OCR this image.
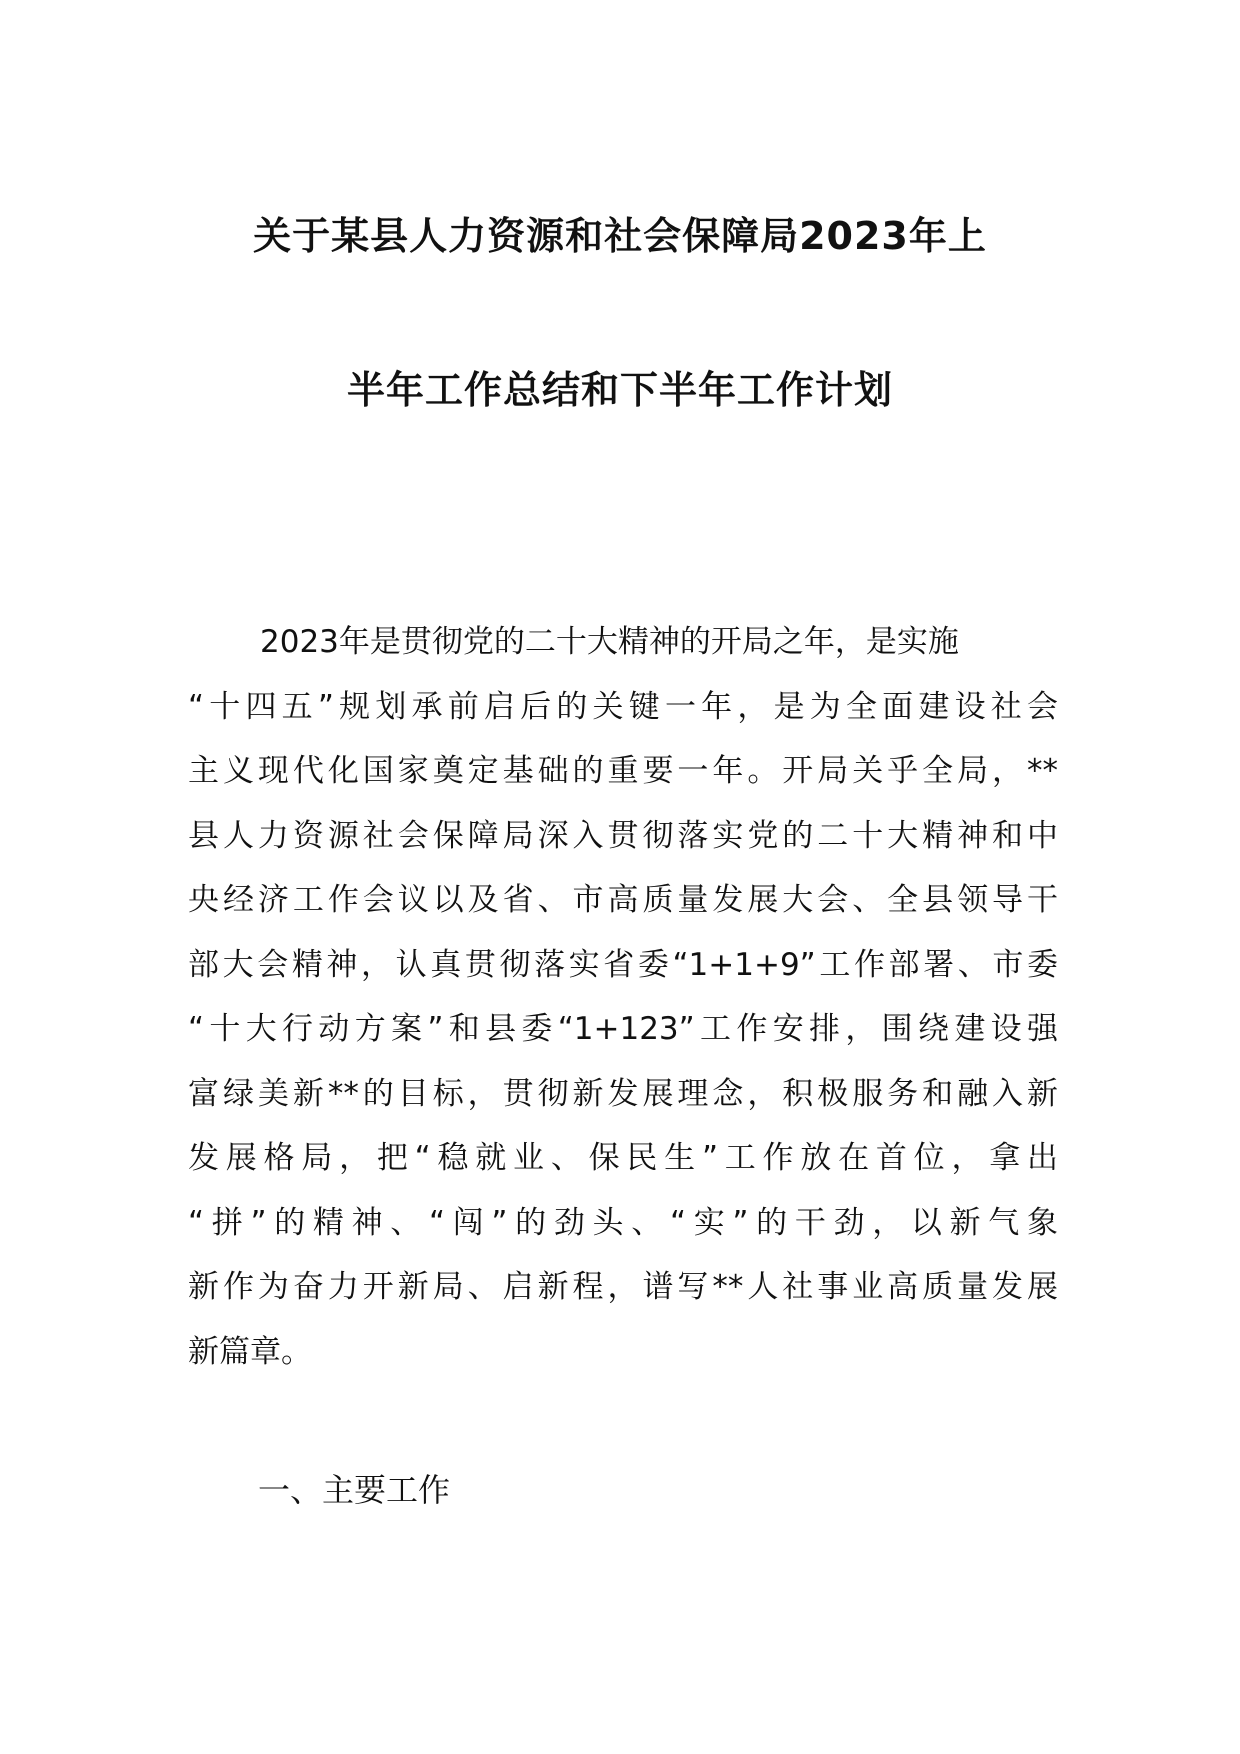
关于某县人力资源和社会保障局2023年上
半年工作总结和下半年工作计划
2023年是贯彻党的二十大精神的开局之年，是实施
“十四五”规划承前启后的关键一年，是为全面建设社会
主义现代化国家奠定基础的重要一年。开局关乎全局，**
县人力资源社会保障局深入贯彻落实党的二十大精神和中
央经济工作会议以及省、市高质量发展大会、全县领导干
部大会精神，认真贯彻落实省委“1+1+9”工作部署、市委
“十大行动方案”和县委“1+123”工作安排，围绕建设强
富绿美新**的目标，贯彻新发展理念，积极服务和融入新
发展格局，把“稳就业、保民生”工作放在首位，拿出
“拼”的精神、“闯”的劲头、“实”的干劲，以新气象
新作为奋力开新局、启新程，谱写**人社事业高质量发展
新篇章。
一、主要工作
